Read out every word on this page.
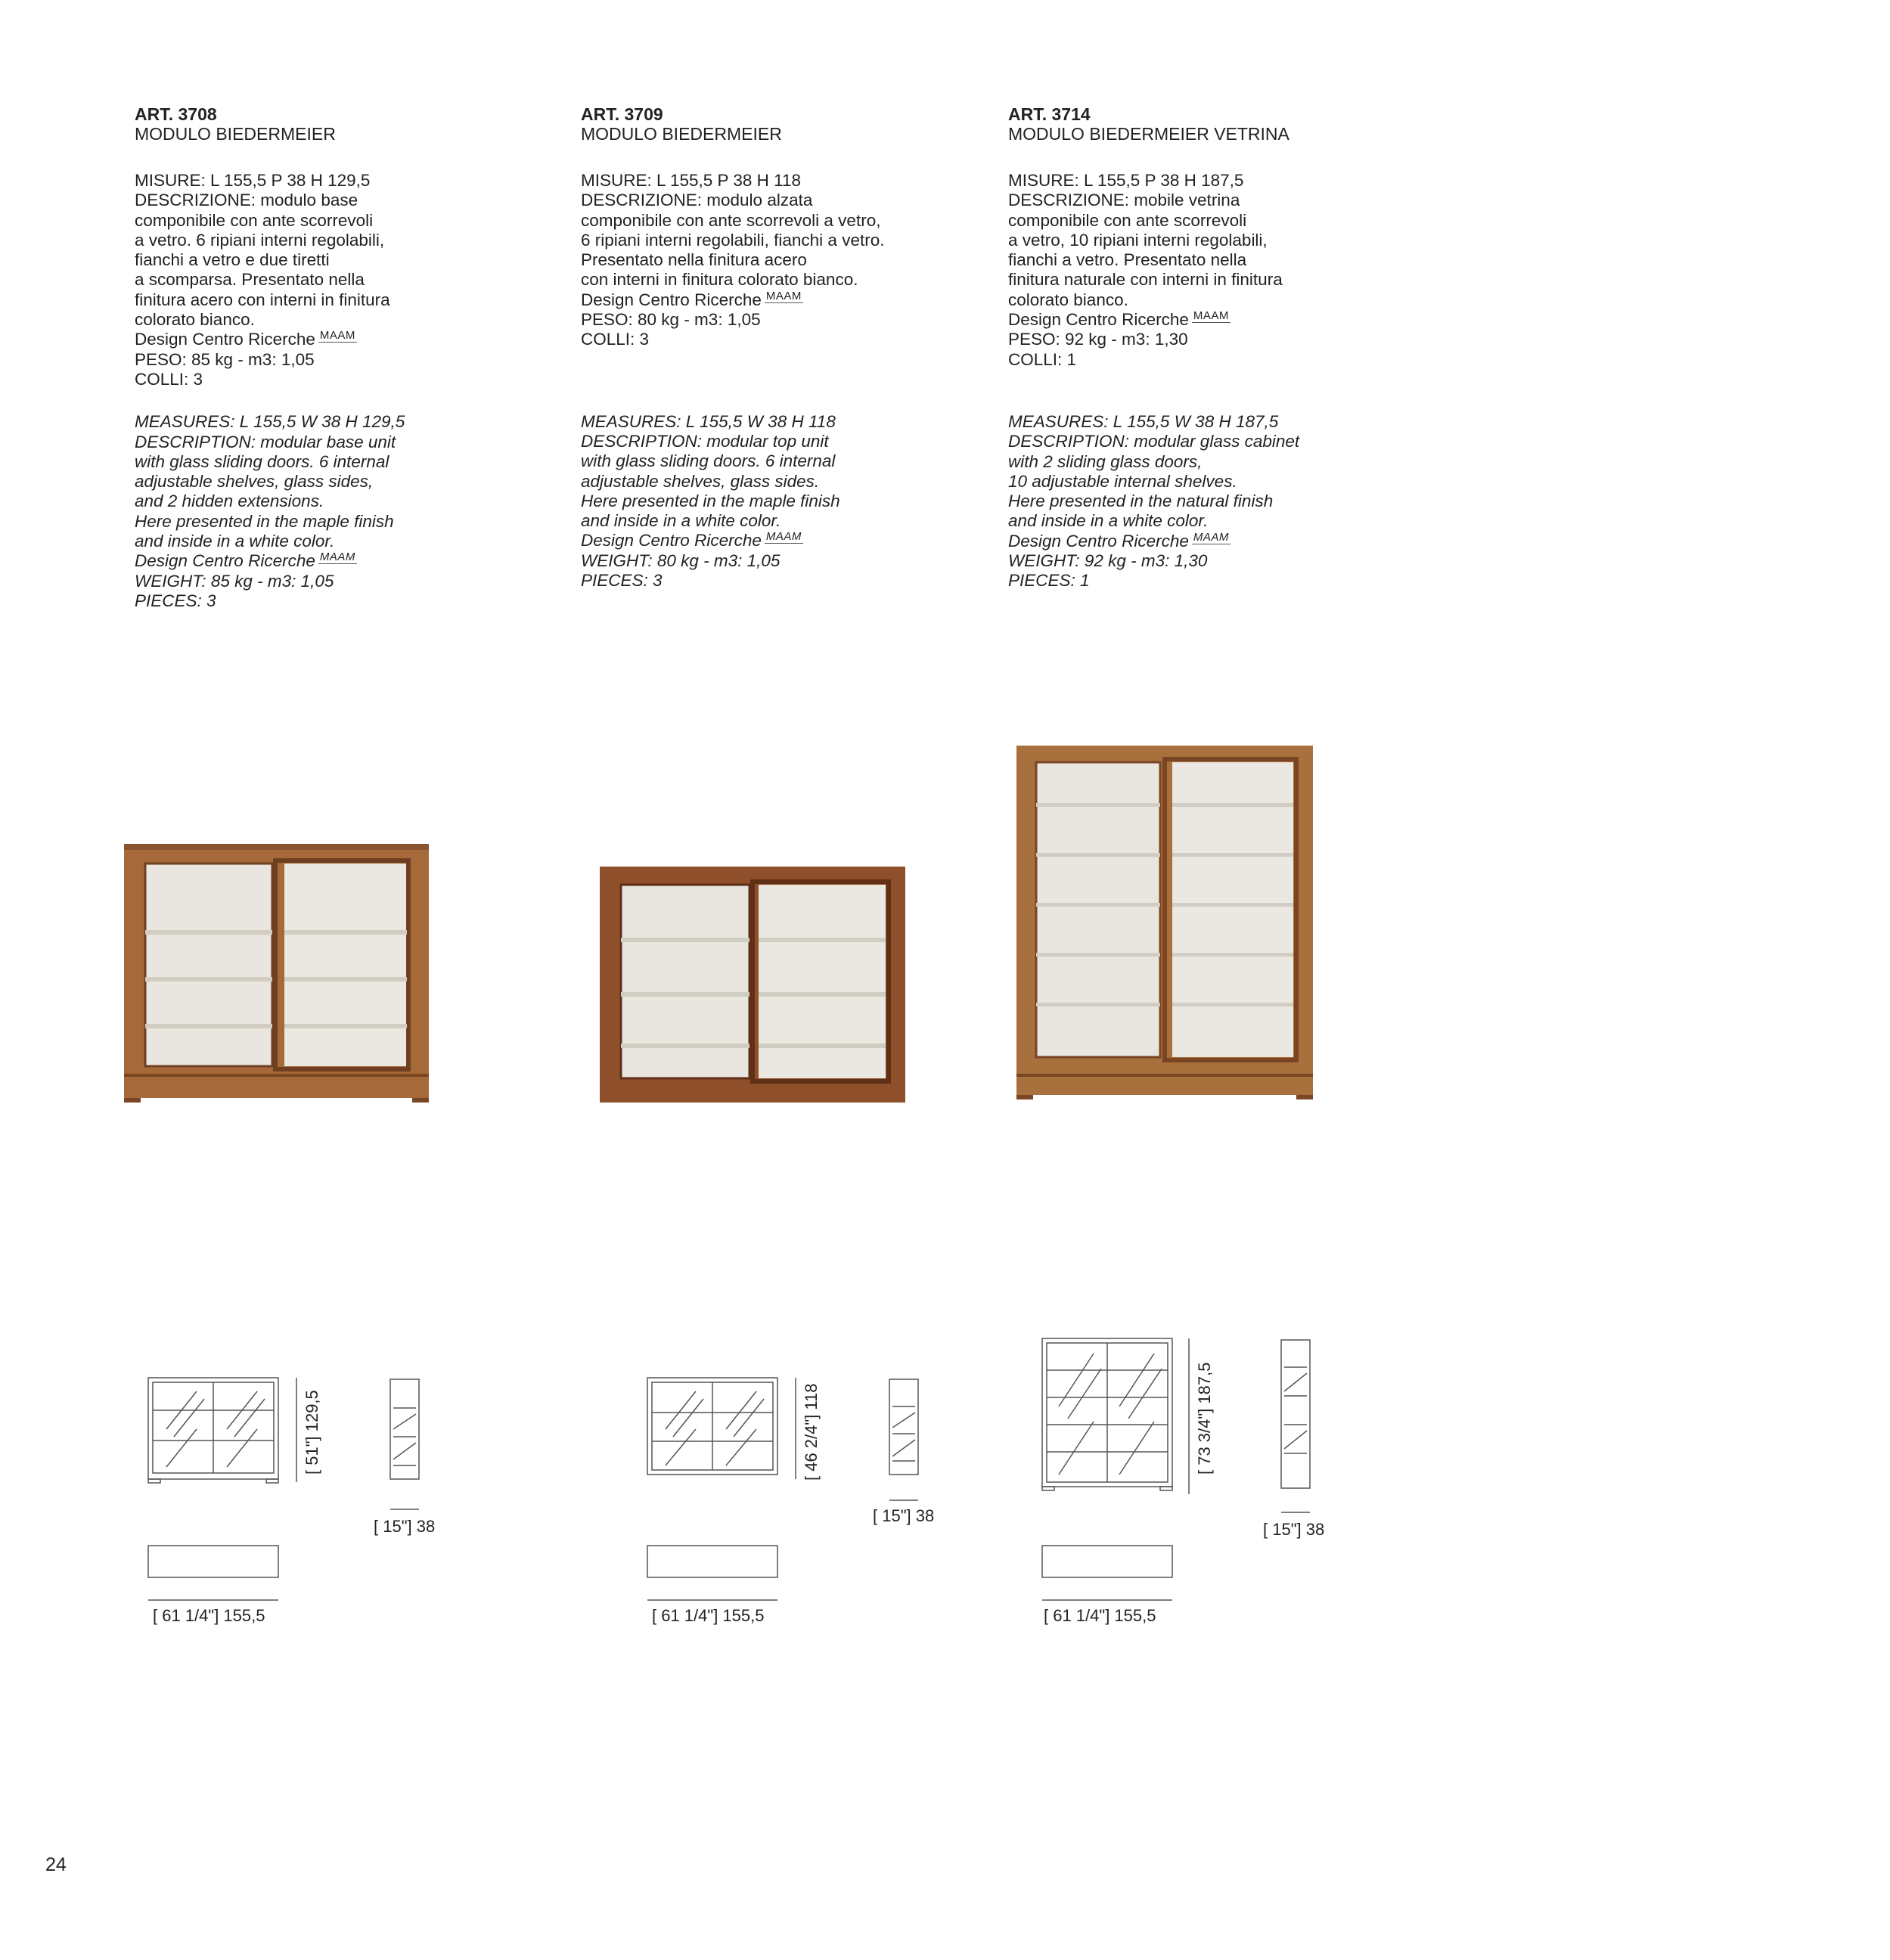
ART. 3708
MODULO BIEDERMEIER
MISURE: L 155,5 P 38 H 129,5
DESCRIZIONE: modulo base
componibile con ante scorrevoli
a vetro. 6 ripiani interni regolabili,
fianchi a vetro e due tiretti
a scomparsa. Presentato nella
finitura acero con interni in finitura
colorato bianco.
Design Centro Ricerche MAAM

PESO: 85 kg - m3: 1,05
COLLI: 3
MEASURES: L 155,5 W 38 H 129,5
DESCRIPTION: modular base unit
with glass sliding doors. 6 internal
adjustable shelves, glass sides,
and 2 hidden extensions.
Here presented in the maple finish
and inside in a white color.
Design Centro Ricerche MAAM

WEIGHT: 85 kg - m3: 1,05
PIECES: 3
ART. 3709
MODULO BIEDERMEIER
MISURE: L 155,5 P 38 H 118
DESCRIZIONE: modulo alzata
componibile con ante scorrevoli a vetro,
6 ripiani interni regolabili, fianchi a vetro.
Presentato nella finitura acero
con interni in finitura colorato bianco.
Design Centro Ricerche MAAM

PESO: 80 kg - m3: 1,05
COLLI: 3
MEASURES: L 155,5 W 38 H 118
DESCRIPTION: modular top unit
with glass sliding doors. 6 internal
adjustable shelves, glass sides.
Here presented in the maple finish
and inside in a white color.
Design Centro Ricerche MAAM

WEIGHT: 80 kg - m3: 1,05
PIECES: 3
ART. 3714
MODULO BIEDERMEIER VETRINA
MISURE: L 155,5 P 38 H 187,5
DESCRIZIONE: mobile vetrina
componibile con ante scorrevoli
a vetro, 10 ripiani interni regolabili,
fianchi a vetro. Presentato nella
finitura naturale con interni in finitura
colorato bianco.
Design Centro Ricerche MAAM

PESO: 92 kg - m3: 1,30
COLLI: 1
MEASURES: L 155,5 W 38 H 187,5
DESCRIPTION: modular glass cabinet
with 2 sliding glass doors,
10 adjustable internal shelves.
Here presented in the natural finish
and inside in a white color.
Design Centro Ricerche MAAM

WEIGHT: 92 kg - m3: 1,30
PIECES: 1
[ 51"] 129,5
[ 15"] 38
[ 61 1/4"] 155,5
[ 46 2/4"] 118
[ 15"] 38
[ 61 1/4"] 155,5
[ 73 3/4"] 187,5
[ 15"] 38
[ 61 1/4"] 155,5
24
